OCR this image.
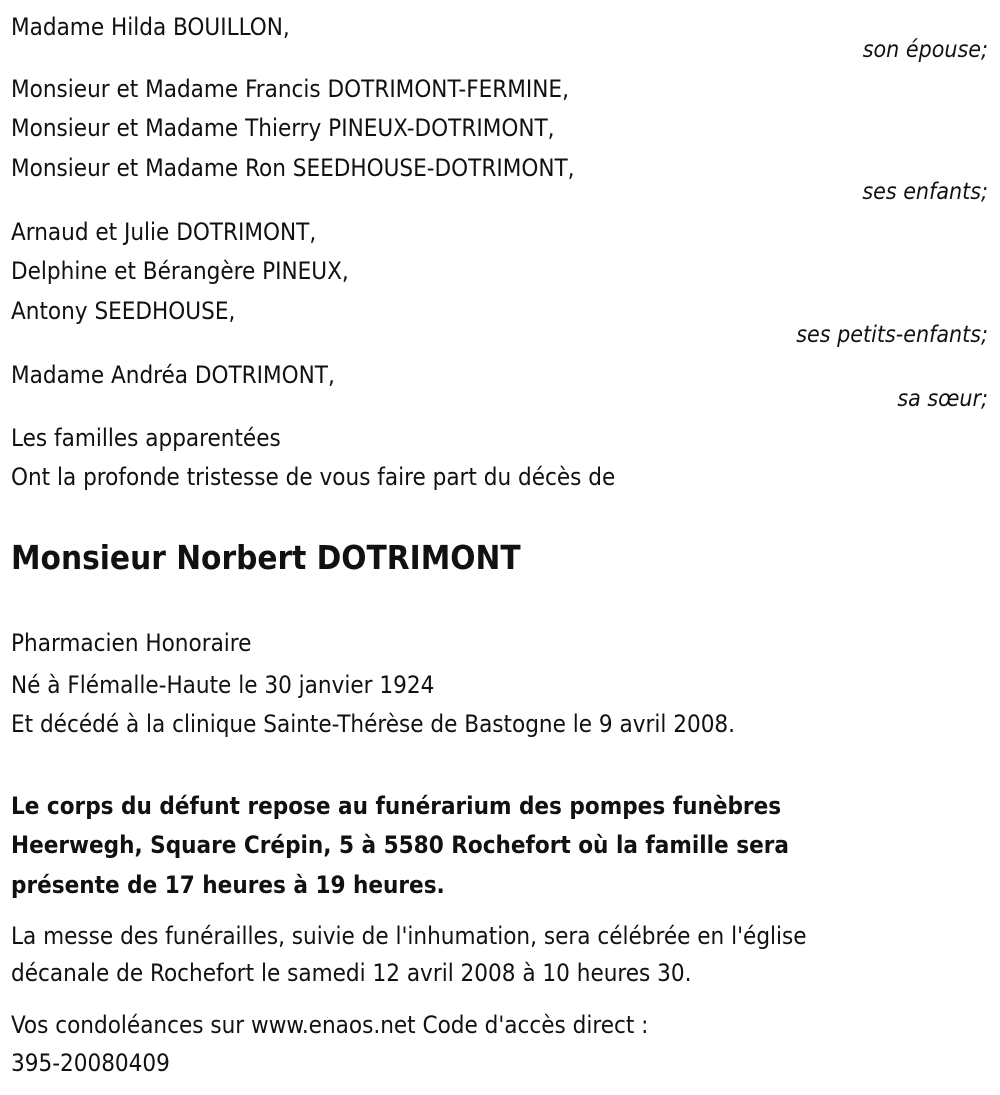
Madame Hilda BOUILLON,
son épouse;
Monsieur et Madame Francis DOTRIMONT-FERMINE,
Monsieur et Madame Thierry PINEUX-DOTRIMONT,
Monsieur et Madame Ron SEEDHOUSE-DOTRIMONT,
ses enfants;
Arnaud et Julie DOTRIMONT,
Delphine et Bérangère PINEUX,
Antony SEEDHOUSE,
ses petits-enfants;
Madame Andréa DOTRIMONT,
sa sœur;
Les familles apparentées
Ont la profonde tristesse de vous faire part du décès de
Monsieur Norbert DOTRIMONT
Pharmacien Honoraire
Né à Flémalle-Haute le 30 janvier 1924
Et décédé à la clinique Sainte-Thérèse de Bastogne le 9 avril 2008.
Le corps du défunt repose au funérarium des pompes funèbres
Heerwegh, Square Crépin, 5 à 5580 Rochefort où la famille sera
présente de 17 heures à 19 heures.
La messe des funérailles, suivie de l'inhumation, sera célébrée en l'église
décanale de Rochefort le samedi 12 avril 2008 à 10 heures 30.
Vos condoléances sur www.enaos.net Code d'accès direct :
395-20080409
